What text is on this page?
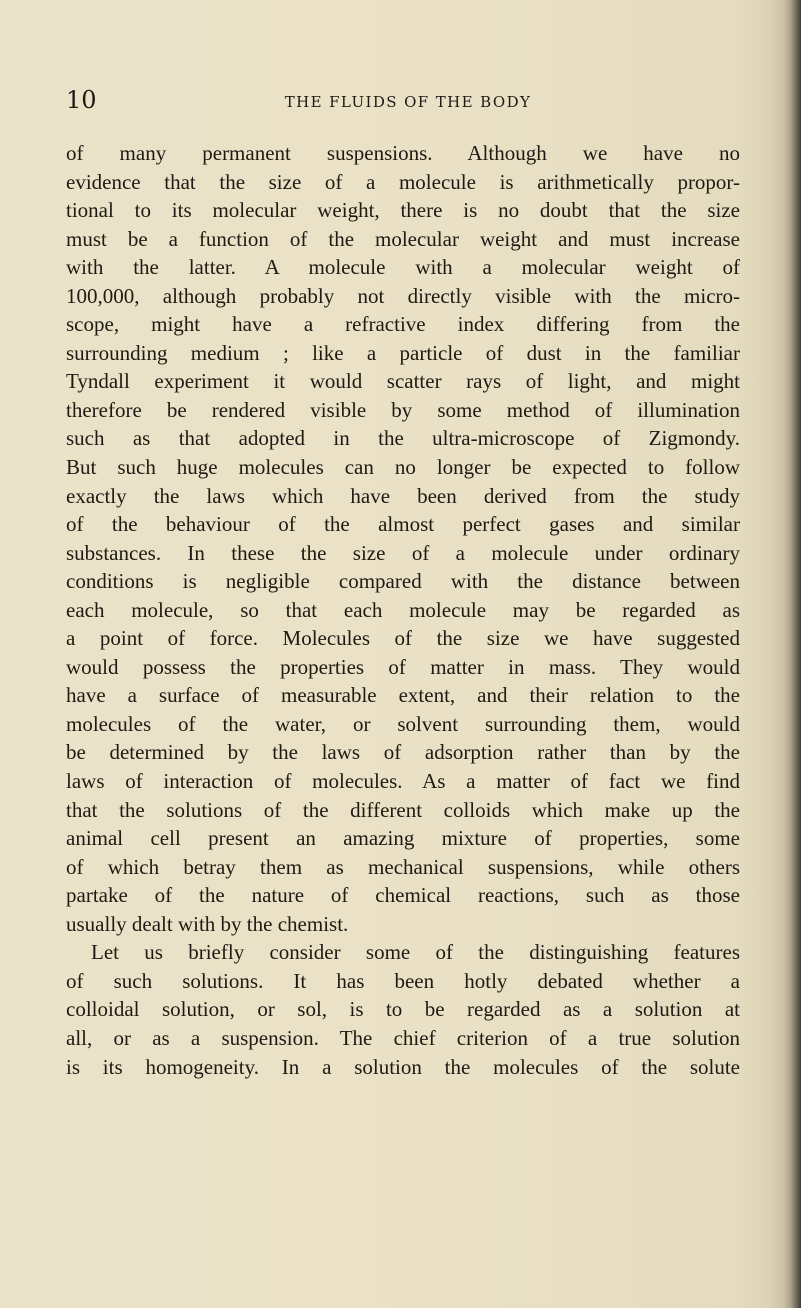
10	THE FLUIDS OF THE BODY
of many permanent suspensions. Although we have no
evidence that the size of a molecule is arithmetically propor-
tional to its molecular weight, there is no doubt that the size
must be a function of the molecular weight and must increase
with the latter. A molecule with a molecular weight of
100,000, although probably not directly visible with the micro-
scope, might have a refractive index differing from the
surrounding medium ; like a particle of dust in the familiar
Tyndall experiment it would scatter rays of light, and might
therefore be rendered visible by some method of illumination
such as that adopted in the ultra-microscope of Zigmondy.
But such huge molecules can no longer be expected to follow
exactly the laws which have been derived from the study
of the behaviour of the almost perfect gases and similar
substances. In these the size of a molecule under ordinary
conditions is negligible compared with the distance between
each molecule, so that each molecule may be regarded as
a point of force. Molecules of the size we have suggested
would possess the properties of matter in mass. They would
have a surface of measurable extent, and their relation to the
molecules of the water, or solvent surrounding them, would
be determined by the laws of adsorption rather than by the
laws of interaction of molecules. As a matter of fact we find
that the solutions of the different colloids which make up the
animal cell present an amazing mixture of properties, some
of which betray them as mechanical suspensions, while others
partake of the nature of chemical reactions, such as those
usually dealt with by the chemist.
Let us briefly consider some of the distinguishing features
of such solutions. It has been hotly debated whether a
colloidal solution, or sol, is to be regarded as a solution at
all, or as a suspension. The chief criterion of a true solution
is its homogeneity. In a solution the molecules of the solute
